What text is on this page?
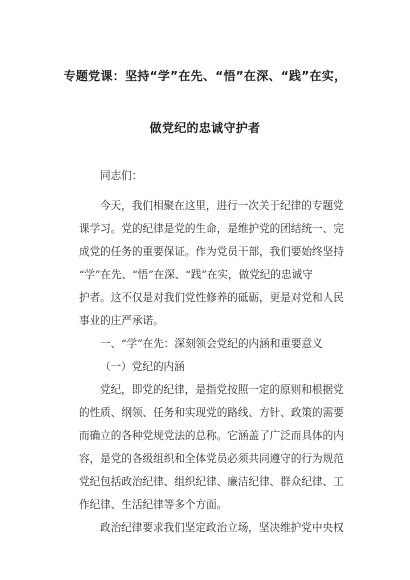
专题党课：坚持“学”在先、“悟”在深、“践”在实，
做党纪的忠诚守护者
同志们：
今天，我们相聚在这里，进行一次关于纪律的专题党
课学习。党的纪律是党的生命，是维护党的团结统一、完
成党的任务的重要保证。作为党员干部，我们要始终坚持
“学”在先、“悟”在深、“践”在实，做党纪的忠诚守
护者。这不仅是对我们党性修养的砥砺，更是对党和人民
事业的庄严承诺。
一、“学”在先：深刻领会党纪的内涵和重要意义
（一）党纪的内涵
党纪，即党的纪律，是指党按照一定的原则和根据党
的性质、纲领、任务和实现党的路线、方针、政策的需要
而确立的各种党规党法的总称。它涵盖了广泛而具体的内
容，是党的各级组织和全体党员必须共同遵守的行为规范
党纪包括政治纪律、组织纪律、廉洁纪律、群众纪律、工
作纪律、生活纪律等多个方面。
政治纪律要求我们坚定政治立场，坚决维护党中央权
